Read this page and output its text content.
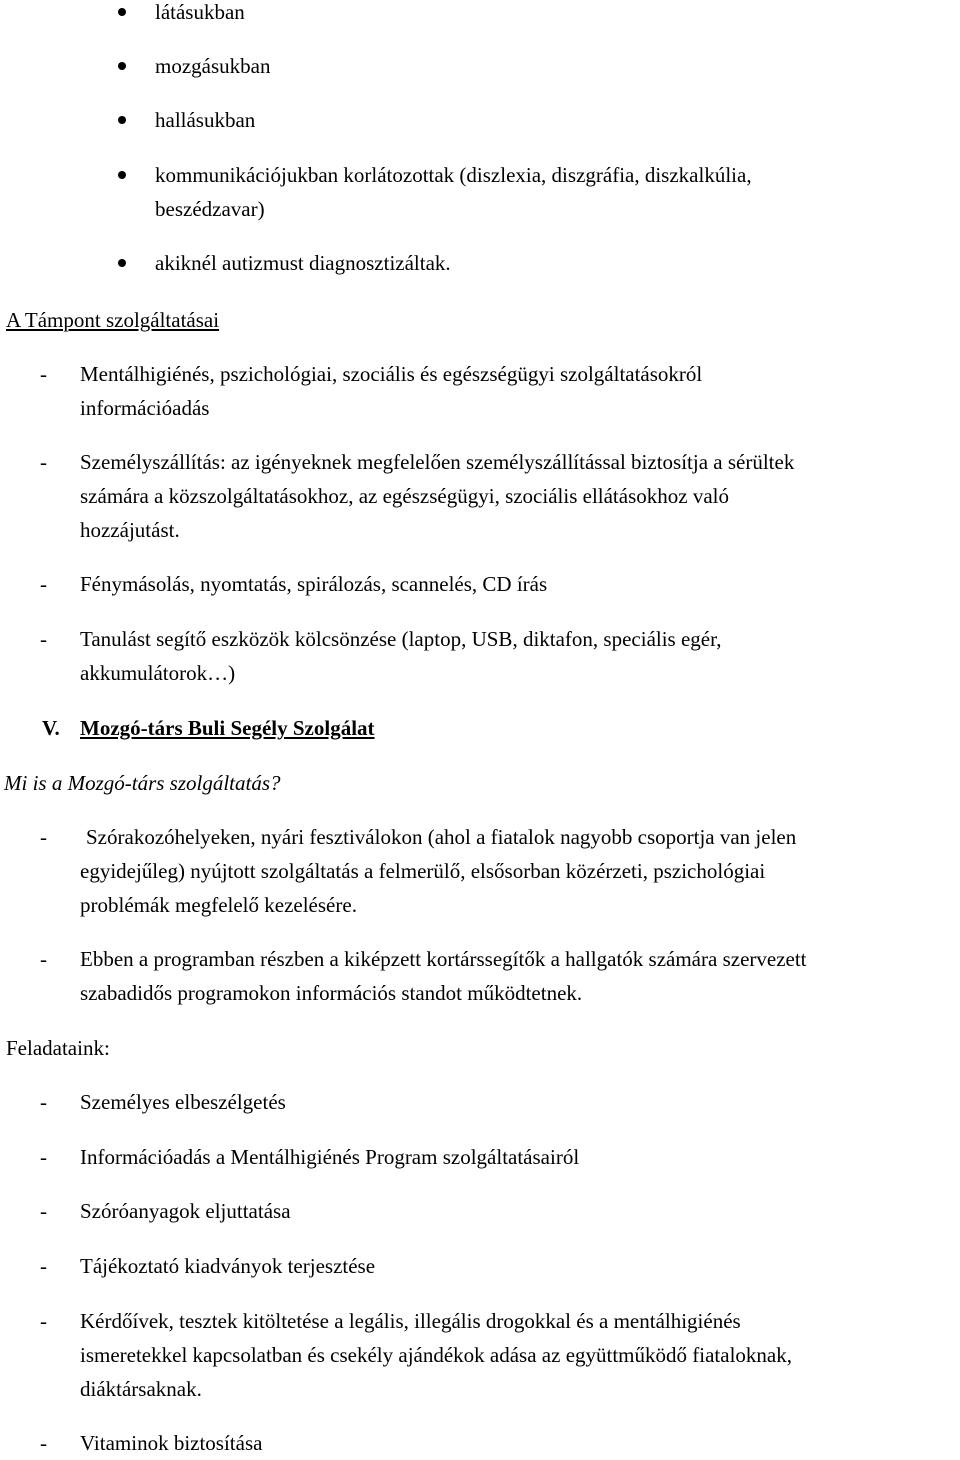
látásukban
mozgásukban
hallásukban
kommunikációjukban korlátozottak (diszlexia, diszgráfia, diszkalkúlia,
beszédzavar)
akiknél autizmust diagnosztizáltak.
A Támpont szolgáltatásai
- Mentálhigiénés, pszichológiai, szociális és egészségügyi szolgáltatásokról
információadás
- Személyszállítás: az igényeknek megfelelően személyszállítással biztosítja a sérültek
számára a közszolgáltatásokhoz, az egészségügyi, szociális ellátásokhoz való
hozzájutást.
- Fénymásolás, nyomtatás, spirálozás, scannelés, CD írás
- Tanulást segítő eszközök kölcsönzése (laptop, USB, diktafon, speciális egér,
akkumulátorok…)
V. Mozgó-társ Buli Segély Szolgálat
Mi is a Mozgó-társ szolgáltatás?
- Szórakozóhelyeken, nyári fesztiválokon (ahol a fiatalok nagyobb csoportja van jelen
egyidejűleg) nyújtott szolgáltatás a felmerülő, elsősorban közérzeti, pszichológiai
problémák megfelelő kezelésére.
- Ebben a programban részben a kiképzett kortárssegítők a hallgatók számára szervezett
szabadidős programokon információs standot működtetnek.
Feladataink:
- Személyes elbeszélgetés
- Információadás a Mentálhigiénés Program szolgáltatásairól
- Szóróanyagok eljuttatása
- Tájékoztató kiadványok terjesztése
- Kérdőívek, tesztek kitöltetése a legális, illegális drogokkal és a mentálhigiénés
ismeretekkel kapcsolatban és csekély ajándékok adása az együttműködő fiataloknak,
diáktársaknak.
- Vitaminok biztosítása
